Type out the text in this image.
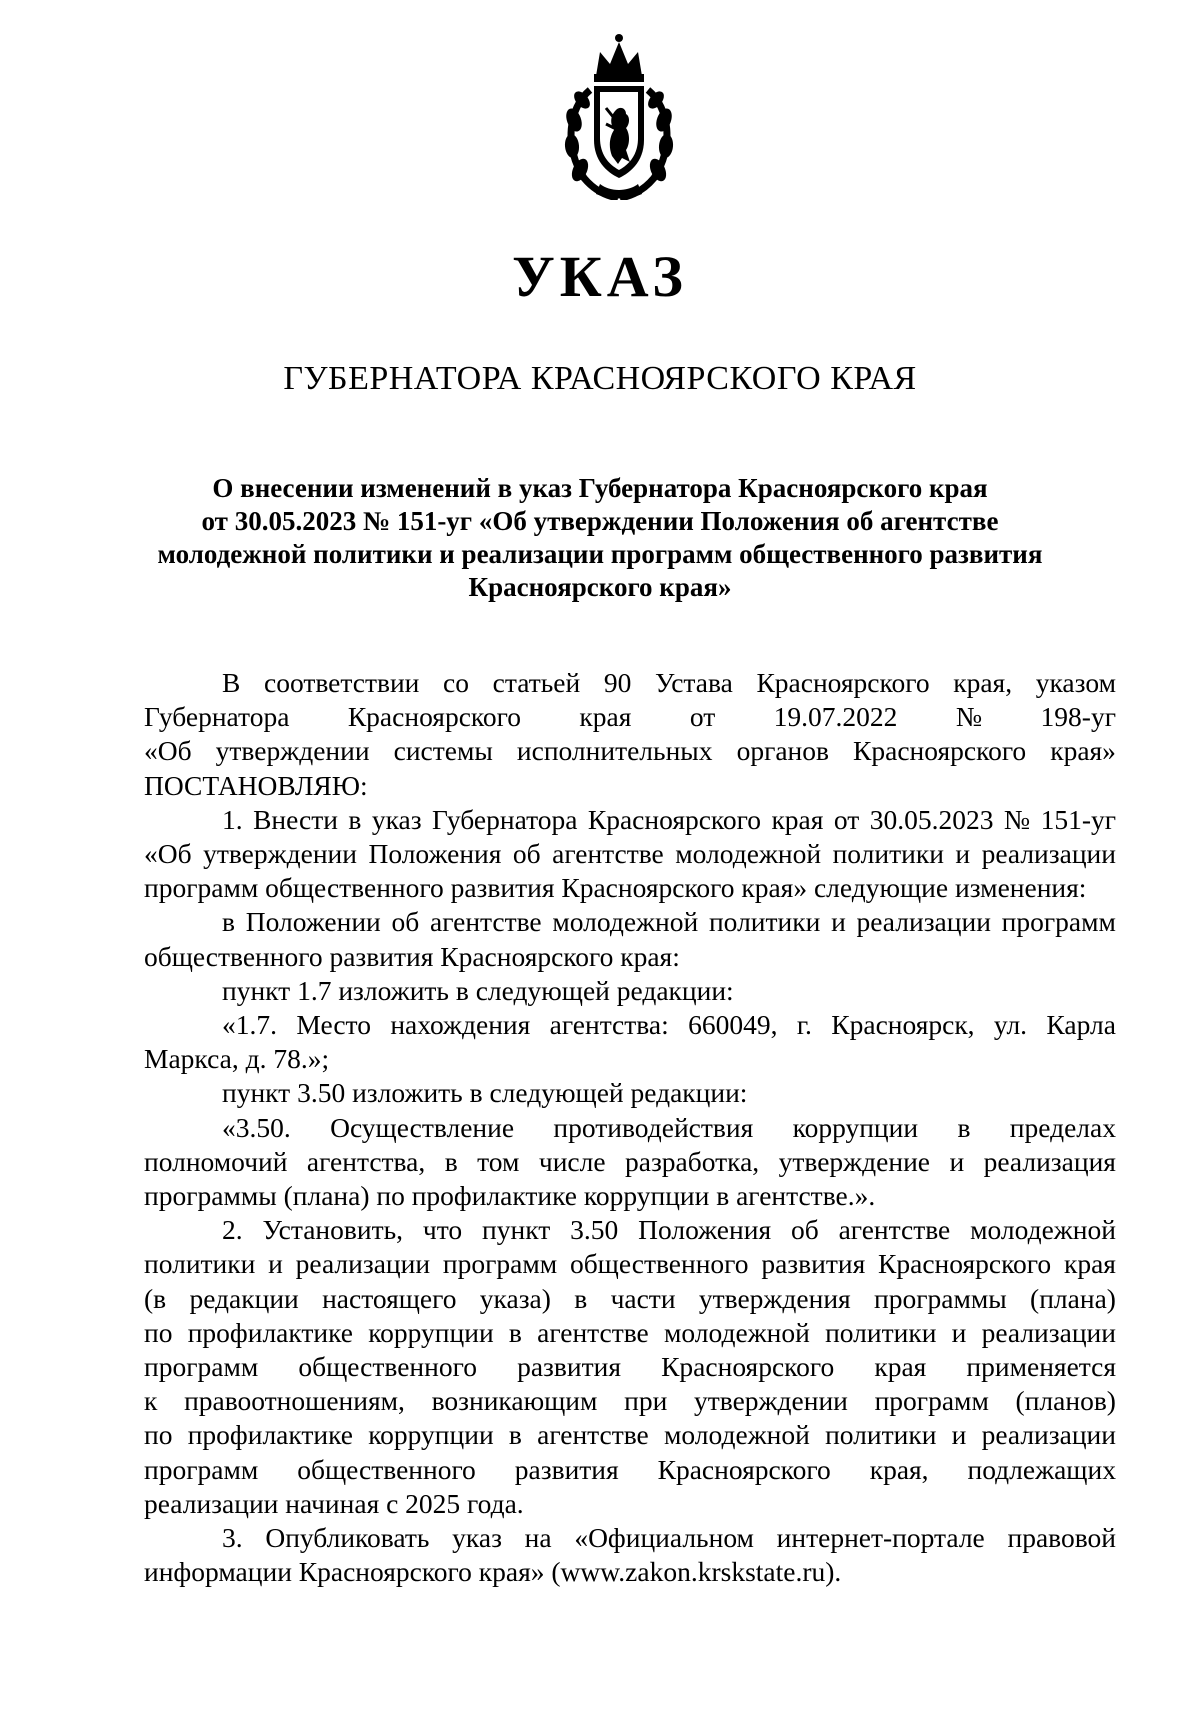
УКАЗ
ГУБЕРНАТОРА КРАСНОЯРСКОГО КРАЯ
О внесении изменений в указ Губернатора Красноярского края
от 30.05.2023 № 151-уг «Об утверждении Положения об агентстве
молодежной политики и реализации программ общественного развития
Красноярского края»
В соответствии со статьей 90 Устава Красноярского края, указом
Губернатора Красноярского края от 19.07.2022 № 198-уг
«Об утверждении системы исполнительных органов Красноярского края»
ПОСТАНОВЛЯЮ:
1. Внести в указ Губернатора Красноярского края от 30.05.2023 № 151-уг
«Об утверждении Положения об агентстве молодежной политики и реализации
программ общественного развития Красноярского края» следующие изменения:
в Положении об агентстве молодежной политики и реализации программ
общественного развития Красноярского края:
пункт 1.7 изложить в следующей редакции:
«1.7. Место нахождения агентства: 660049, г. Красноярск, ул. Карла
Маркса, д. 78.»;
пункт 3.50 изложить в следующей редакции:
«3.50. Осуществление противодействия коррупции в пределах
полномочий агентства, в том числе разработка, утверждение и реализация
программы (плана) по профилактике коррупции в агентстве.».
2. Установить, что пункт 3.50 Положения об агентстве молодежной
политики и реализации программ общественного развития Красноярского края
(в редакции настоящего указа) в части утверждения программы (плана)
по профилактике коррупции в агентстве молодежной политики и реализации
программ общественного развития Красноярского края применяется
к правоотношениям, возникающим при утверждении программ (планов)
по профилактике коррупции в агентстве молодежной политики и реализации
программ общественного развития Красноярского края, подлежащих
реализации начиная с 2025 года.
3. Опубликовать указ на «Официальном интернет-портале правовой
информации Красноярского края» (www.zakon.krskstate.ru).
